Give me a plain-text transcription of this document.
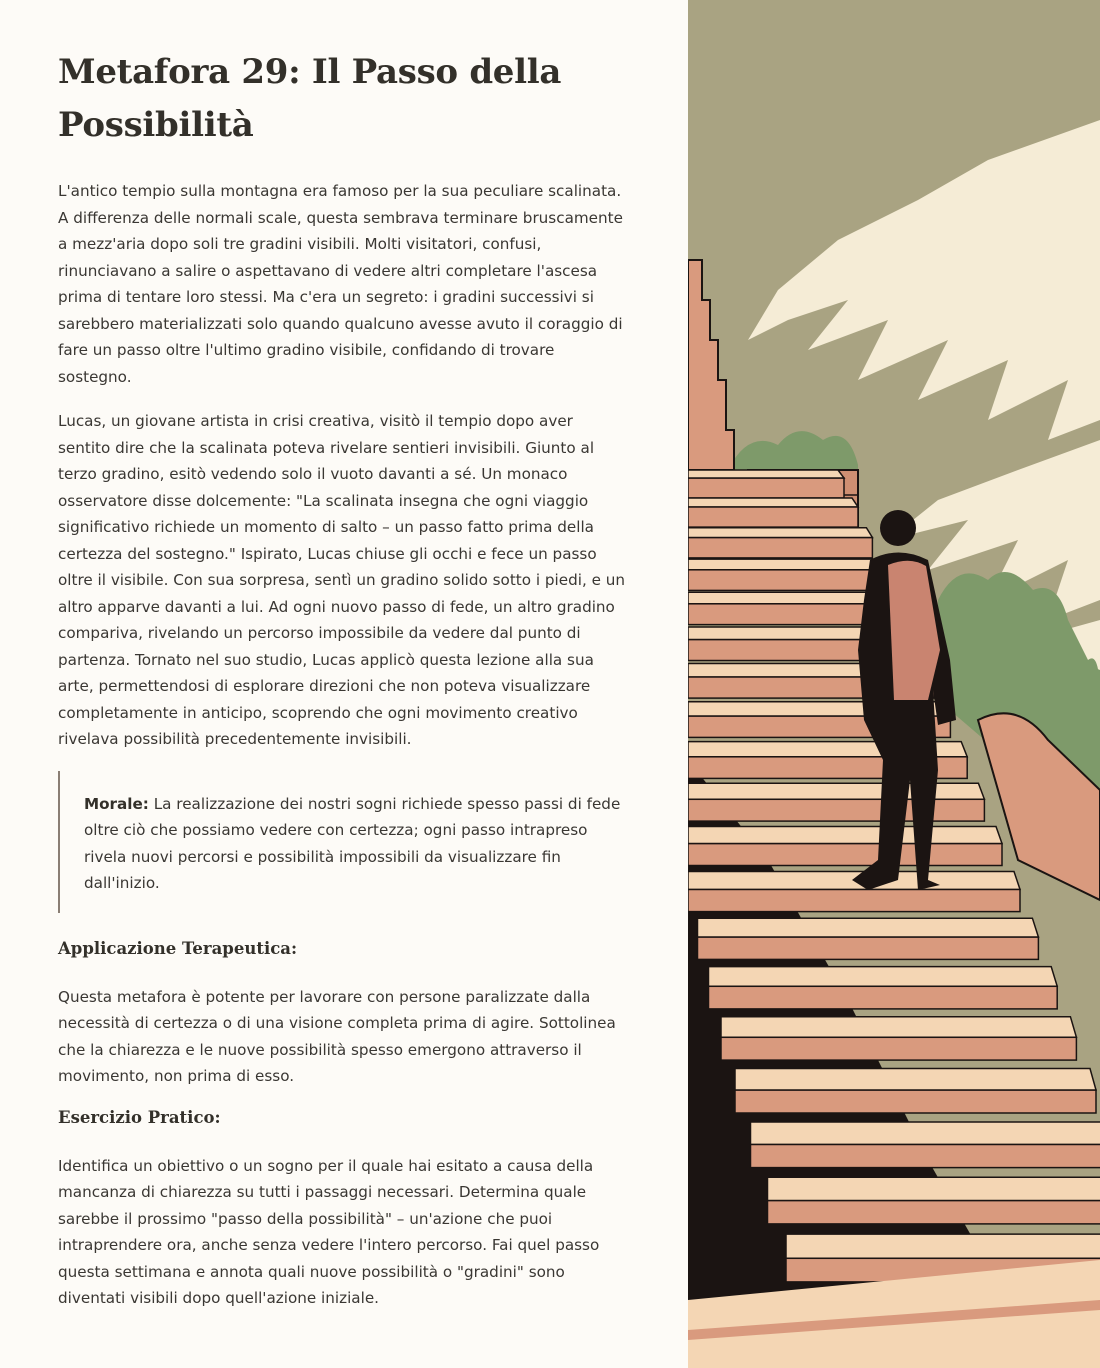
Metafora 29: Il Passo della Possibilità

L'antico tempio sulla montagna era famoso per la sua peculiare scalinata. A differenza delle normali scale, questa sembrava terminare bruscamente a mezz'aria dopo soli tre gradini visibili. Molti visitatori, confusi, rinunciavano a salire o aspettavano di vedere altri completare l'ascesa prima di tentare loro stessi. Ma c'era un segreto: i gradini successivi si sarebbero materializzati solo quando qualcuno avesse avuto il coraggio di fare un passo oltre l'ultimo gradino visibile, confidando di trovare sostegno.

Lucas, un giovane artista in crisi creativa, visitò il tempio dopo aver sentito dire che la scalinata poteva rivelare sentieri invisibili. Giunto al terzo gradino, esitò vedendo solo il vuoto davanti a sé. Un monaco osservatore disse dolcemente: "La scalinata insegna che ogni viaggio significativo richiede un momento di salto – un passo fatto prima della certezza del sostegno." Ispirato, Lucas chiuse gli occhi e fece un passo oltre il visibile. Con sua sorpresa, sentì un gradino solido sotto i piedi, e un altro apparve davanti a lui. Ad ogni nuovo passo di fede, un altro gradino compariva, rivelando un percorso impossibile da vedere dal punto di partenza. Tornato nel suo studio, Lucas applicò questa lezione alla sua arte, permettendosi di esplorare direzioni che non poteva visualizzare completamente in anticipo, scoprendo che ogni movimento creativo rivelava possibilità precedentemente invisibili.

Morale: La realizzazione dei nostri sogni richiede spesso passi di fede oltre ciò che possiamo vedere con certezza; ogni passo intrapreso rivela nuovi percorsi e possibilità impossibili da visualizzare fin dall'inizio.
Applicazione Terapeutica:

Questa metafora è potente per lavorare con persone paralizzate dalla necessità di certezza o di una visione completa prima di agire. Sottolinea che la chiarezza e le nuove possibilità spesso emergono attraverso il movimento, non prima di esso.

Esercizio Pratico:

Identifica un obiettivo o un sogno per il quale hai esitato a causa della mancanza di chiarezza su tutti i passaggi necessari. Determina quale sarebbe il prossimo "passo della possibilità" – un'azione che puoi intraprendere ora, anche senza vedere l'intero percorso. Fai quel passo questa settimana e annota quali nuove possibilità o "gradini" sono diventati visibili dopo quell'azione iniziale.
